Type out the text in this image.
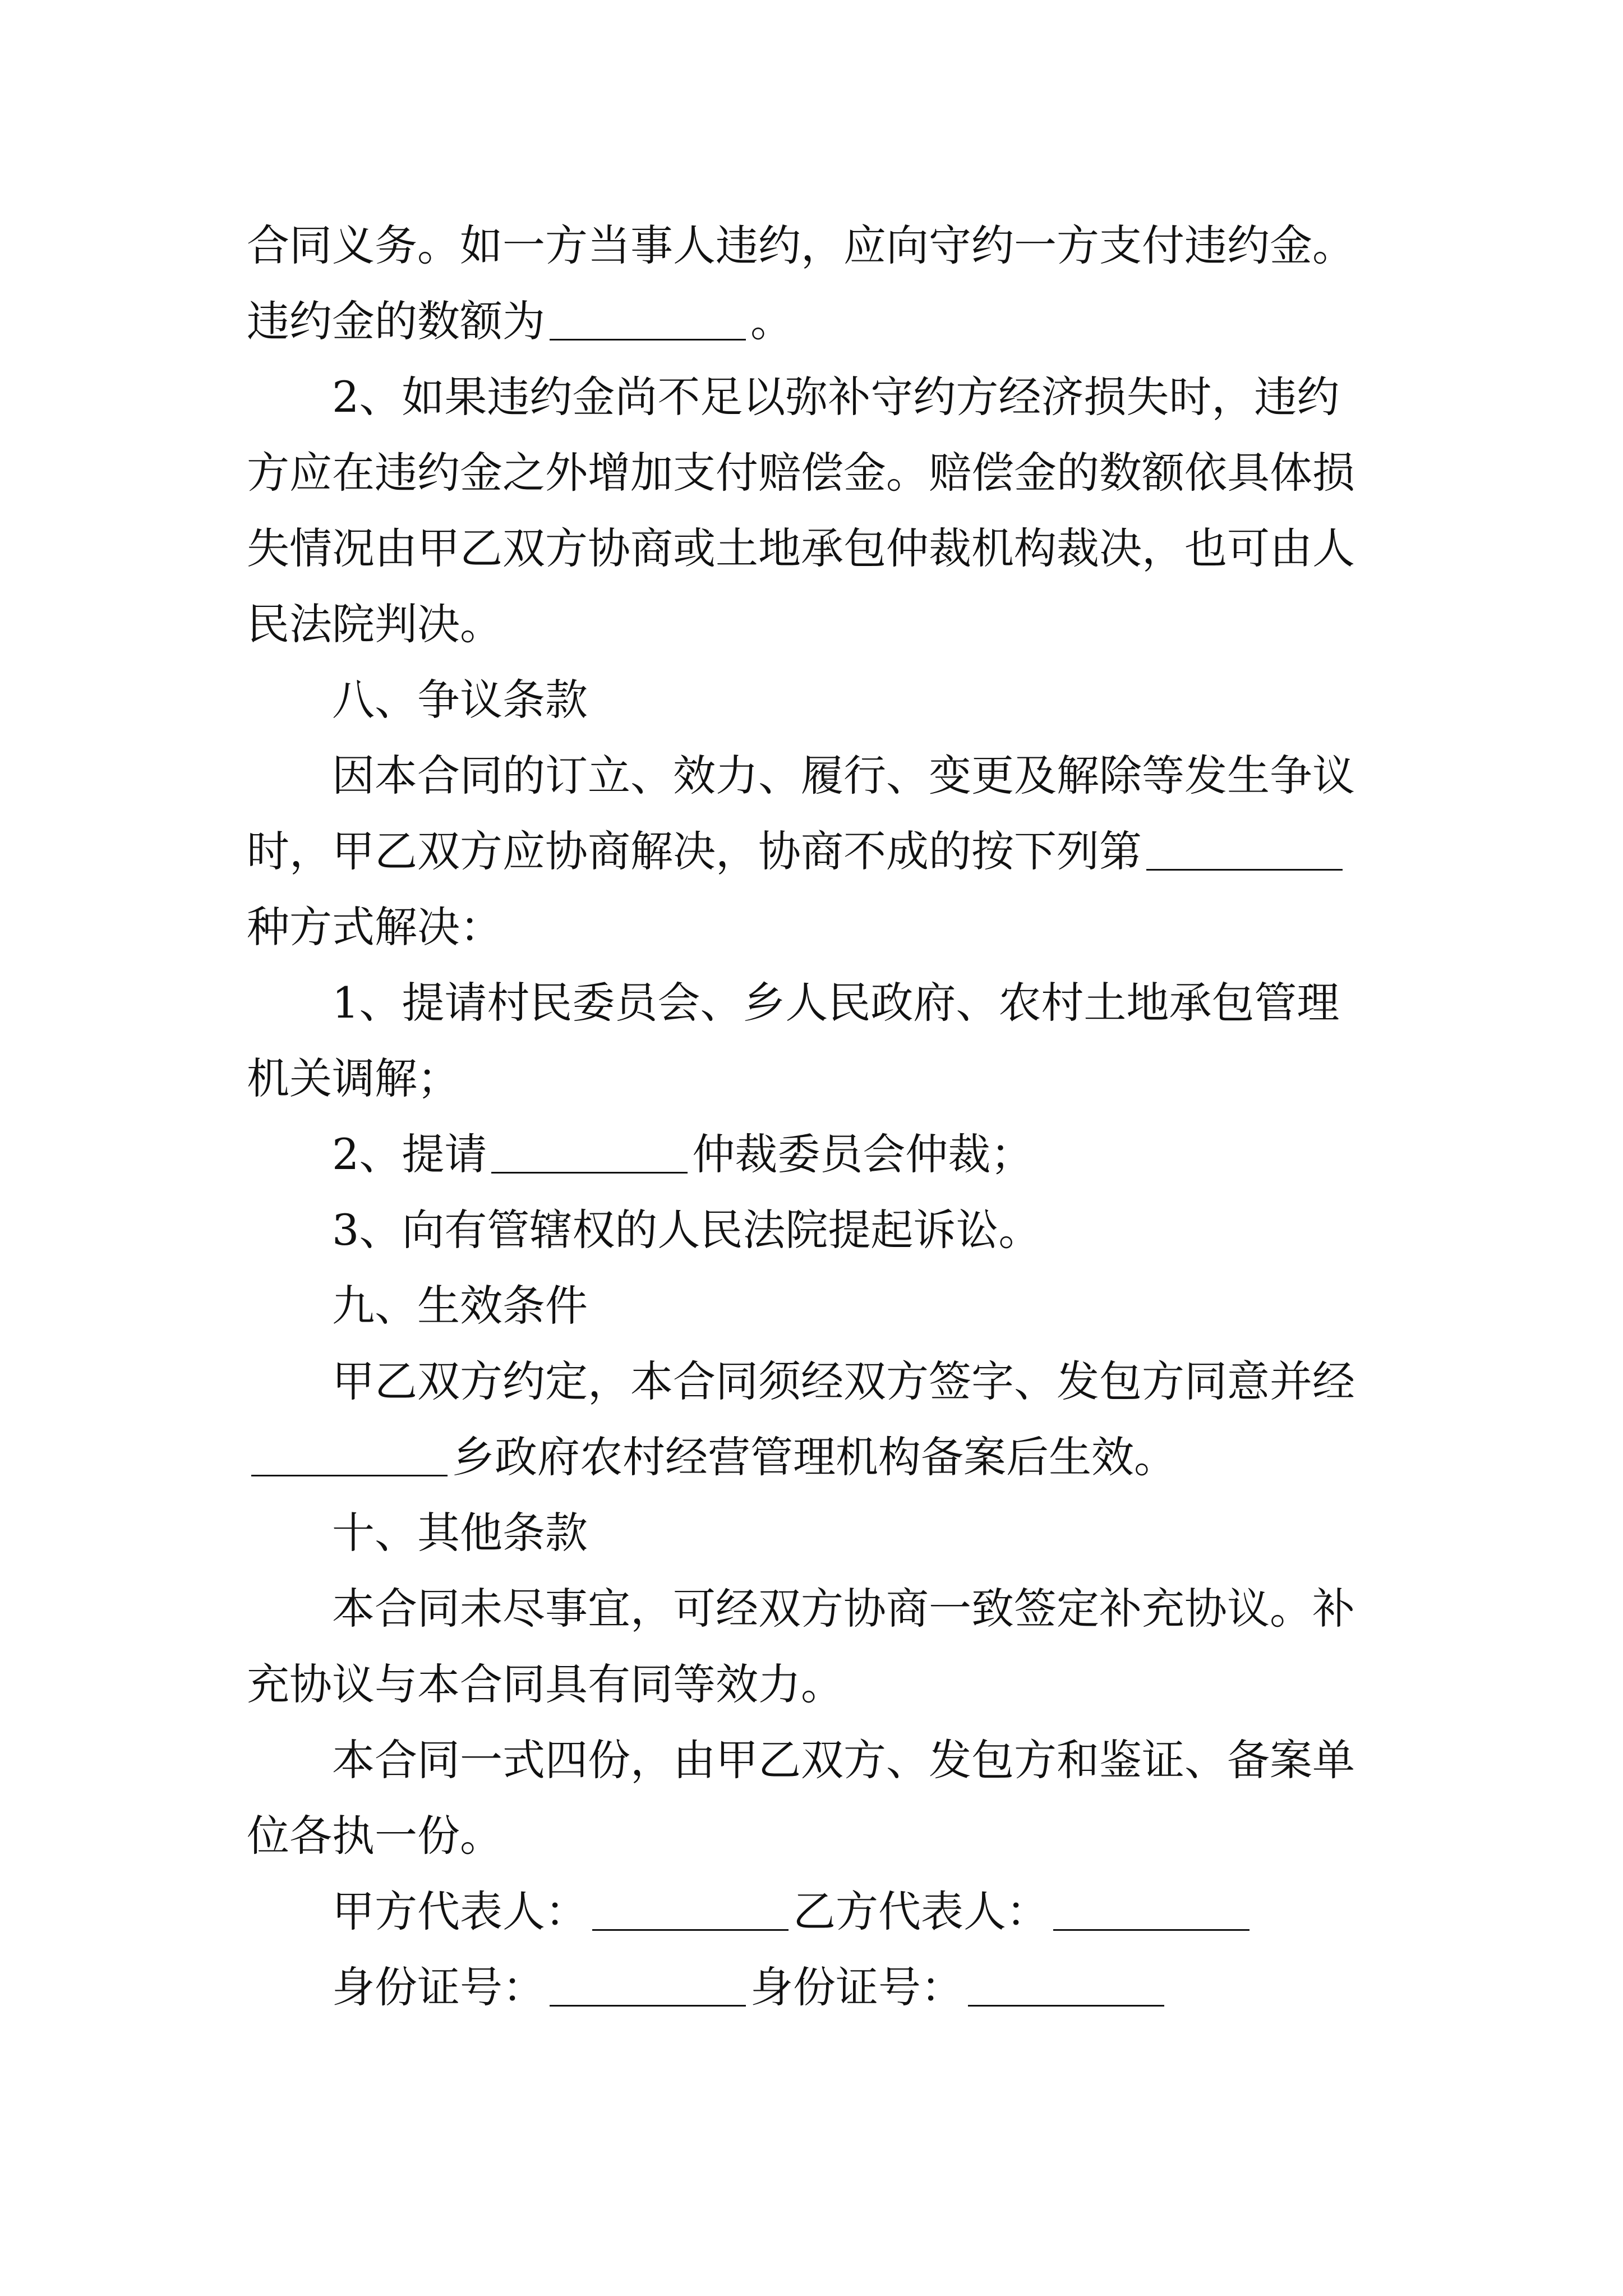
合同义务。如一方当事人违约，应向守约一方支付违约金。违约金的数额为	。

2、如果违约金尚不足以弥补守约方经济损失时，违约方应在违约金之外增加支付赔偿金。赔偿金的数额依具体损失情况由甲乙双方协商或土地承包仲裁机构裁决，也可由人民法院判决。

八、争议条款

因本合同的订立、效力、履行、变更及解除等发生争议时，甲乙双方应协商解决，协商不成的按下列第种方式解决：

1、提请村民委员会、乡人民政府、农村土地承包管理机关调解；

2、提请	仲裁委员会仲裁；

3、向有管辖权的人民法院提起诉讼。

九、生效条件

甲乙双方约定，本合同须经双方签字、发包方同意并经乡政府农村经营管理机构备案后生效。

十、其他条款

本合同未尽事宜，可经双方协商一致签定补充协议。补充协议与本合同具有同等效力。

本合同一式四份，由甲乙双方、发包方和鉴证、备案单位各执一份。

甲方代表人：	乙方代表人：

身份证号：	身份证号：
